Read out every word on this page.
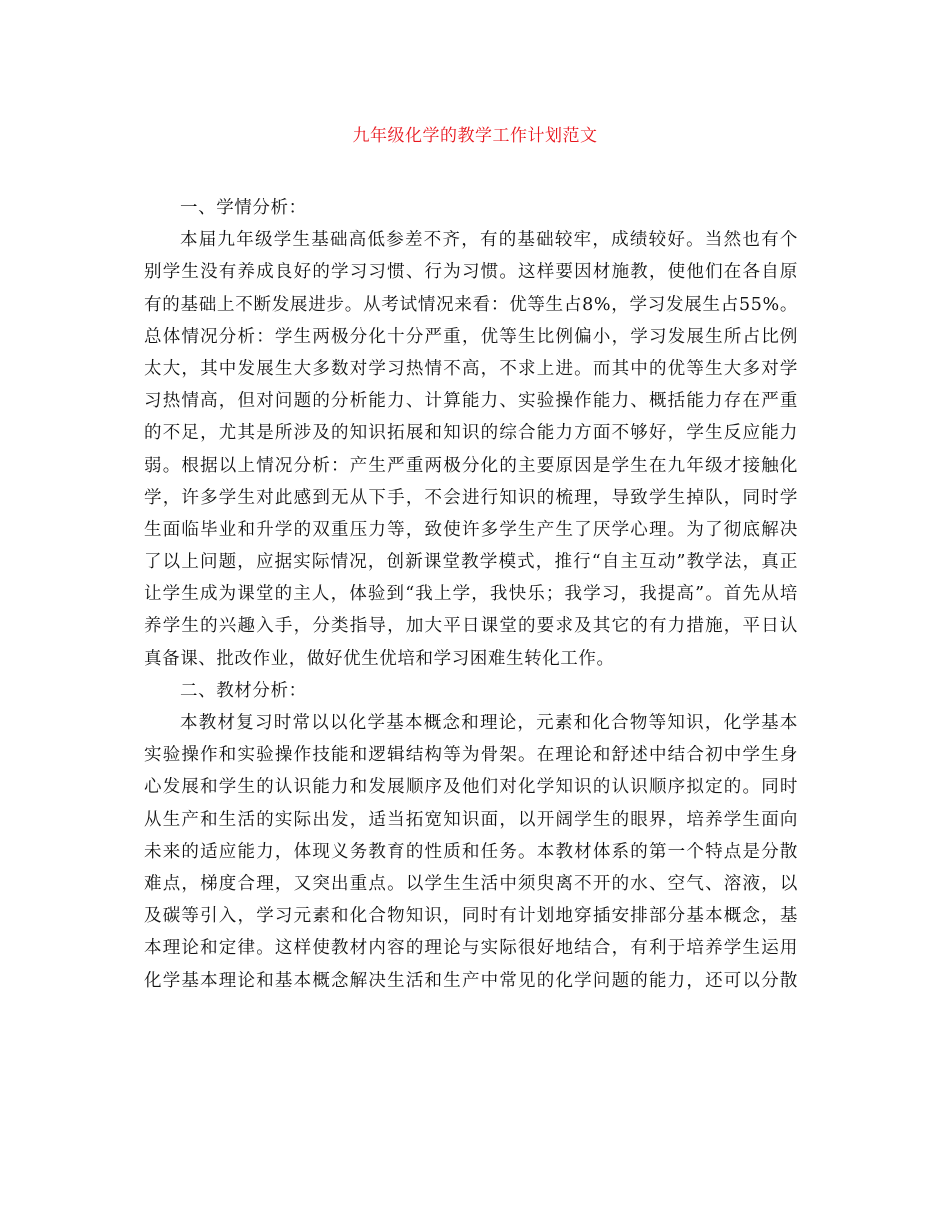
九年级化学的教学工作计划范文
一、学情分析：
本届九年级学生基础高低参差不齐，有的基础较牢，成绩较好。当然也有个
别学生没有养成良好的学习习惯、行为习惯。这样要因材施教，使他们在各自原
有的基础上不断发展进步。从考试情况来看：优等生占8%，学习发展生占55%。
总体情况分析：学生两极分化十分严重，优等生比例偏小，学习发展生所占比例
太大，其中发展生大多数对学习热情不高，不求上进。而其中的优等生大多对学
习热情高，但对问题的分析能力、计算能力、实验操作能力、概括能力存在严重
的不足，尤其是所涉及的知识拓展和知识的综合能力方面不够好，学生反应能力
弱。根据以上情况分析：产生严重两极分化的主要原因是学生在九年级才接触化
学，许多学生对此感到无从下手，不会进行知识的梳理，导致学生掉队，同时学
生面临毕业和升学的双重压力等，致使许多学生产生了厌学心理。为了彻底解决
了以上问题，应据实际情况，创新课堂教学模式，推行“自主互动”教学法，真正
让学生成为课堂的主人，体验到“我上学，我快乐；我学习，我提高”。首先从培
养学生的兴趣入手，分类指导，加大平日课堂的要求及其它的有力措施，平日认
真备课、批改作业，做好优生优培和学习困难生转化工作。
二、教材分析：
本教材复习时常以以化学基本概念和理论，元素和化合物等知识，化学基本
实验操作和实验操作技能和逻辑结构等为骨架。在理论和舒述中结合初中学生身
心发展和学生的认识能力和发展顺序及他们对化学知识的认识顺序拟定的。同时
从生产和生活的实际出发，适当拓宽知识面，以开阔学生的眼界，培养学生面向
未来的适应能力，体现义务教育的性质和任务。本教材体系的第一个特点是分散
难点，梯度合理，又突出重点。以学生生活中须臾离不开的水、空气、溶液，以
及碳等引入，学习元素和化合物知识，同时有计划地穿插安排部分基本概念，基
本理论和定律。这样使教材内容的理论与实际很好地结合，有利于培养学生运用
化学基本理论和基本概念解决生活和生产中常见的化学问题的能力，还可以分散
